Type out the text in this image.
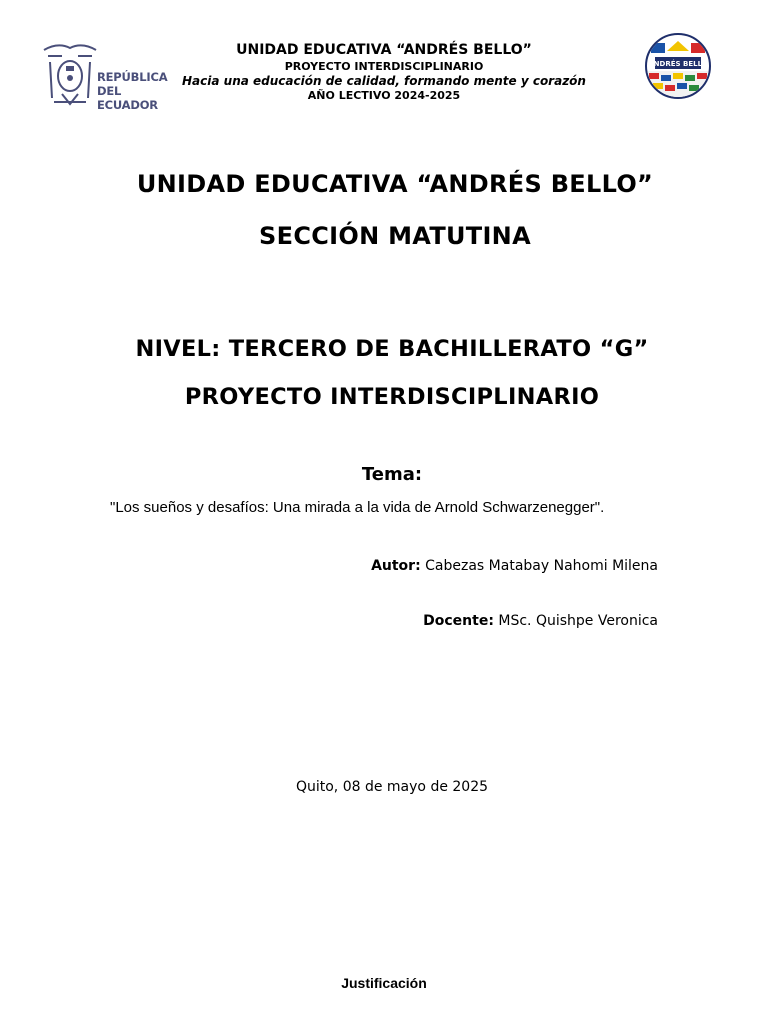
REPÚBLICA
DEL ECUADOR
ANDRÉS BELLO
UNIDAD EDUCATIVA “ANDRÉS BELLO”
PROYECTO INTERDISCIPLINARIO
Hacia una educación de calidad, formando mente y corazón
AÑO LECTIVO 2024-2025
UNIDAD EDUCATIVA “ANDRÉS BELLO”
SECCIÓN MATUTINA
NIVEL: TERCERO DE BACHILLERATO “G”
PROYECTO INTERDISCIPLINARIO
Tema:
"Los sueños y desafíos: Una mirada a la vida de Arnold Schwarzenegger".
Autor: Cabezas Matabay Nahomi Milena
Docente: MSc. Quishpe Veronica
Quito, 08 de mayo de 2025
Justificación
